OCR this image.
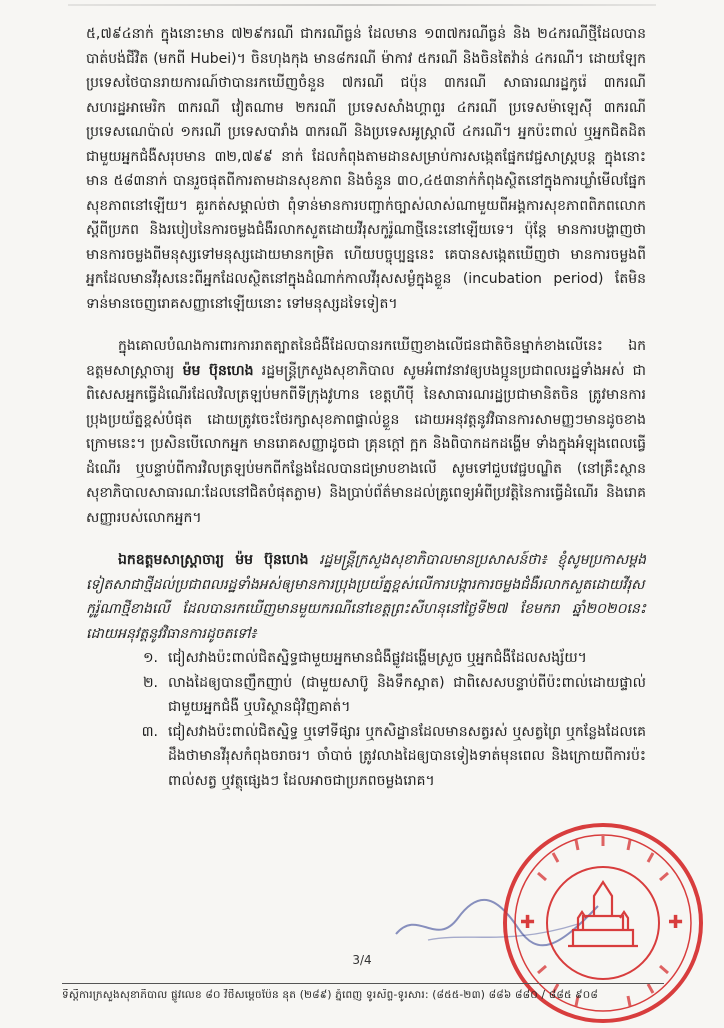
៥,៧៩៤នាក់ ក្នុងនោះមាន ៧២៩ករណី ជាករណីធ្ងន់ ដែលមាន ១៣៧ករណីធ្ងន់ និង ២៤ករណីថ្មីដែលបានបាត់បង់ជីវិត (មកពី Hubei)។ ចិនហុងកុង មាន៨ករណី ម៉ាកាវ ៥ករណី និងចិនតៃវ៉ាន់ ៤ករណី។ ដោយឡែកប្រទេសថៃបានរាយការណ៍ថាបានរកឃើញចំនួន ៧ករណី ជប៉ុន ៣ករណី សាធារណរដ្ឋកូរ៉េ ៣ករណី សហរដ្ឋអាមេរិក ៣ករណី វៀតណាម ២ករណី ប្រទេសសាំងហ្គាពួរ ៤ករណី ប្រទេសម៉ាឡេស៊ី ៣ករណី ប្រទេសណេប៉ាល់ ១ករណី ប្រទេសបារាំង ៣ករណី និងប្រទេសអូស្ត្រាលី ៤ករណី។ អ្នកប៉ះពាល់ ឬអ្នកជិតដិតជាមួយអ្នកជំងឺសរុបមាន ៣២,៧៩៩ នាក់ ដែលកំពុងតាមដានសម្រាប់ការសង្កេតផ្នែកវេជ្ជសាស្ត្របន្ត ក្នុងនោះមាន ៥៨៣នាក់ បានរួចផុតពីការតាមដានសុខភាព និងចំនួន ៣០,៤៥៣នាក់កំពុងស្ថិតនៅក្នុងការឃ្លាំមើលផ្នែកសុខភាពនៅឡើយ។ គួរកត់សម្គាល់ថា ពុំទាន់មានការបញ្ជាក់ច្បាស់លាស់ណាមួយពីអង្គការសុខភាពពិភពលោកស្តីពីប្រភព និងរបៀបនៃការចម្លងជំងឺរលាកសួតដោយវីរុសកូរ៉ូណាថ្មីនេះនៅឡើយទេ។ ប៉ុន្តែ មានការបង្ហាញថា មានការចម្លងពីមនុស្សទៅមនុស្សដោយមានកម្រិត ហើយបច្ចុប្បន្ននេះ គេបានសង្កេតឃើញថា មានការចម្លងពីអ្នកដែលមានវីរុសនេះពីអ្នកដែលស្ថិតនៅក្នុងដំណាក់កាលវីរុសសម្ងំក្នុងខ្លួន (incubation period) តែមិនទាន់មានចេញរោគសញ្ញានៅឡើយនោះ ទៅមនុស្សដទៃទៀត។

ក្នុងគោលបំណងការពារការរាតត្បាតនៃជំងឺដែលបានរកឃើញខាងលើជនជាតិចិនម្នាក់ខាងលើនេះ ឯកឧត្តមសាស្ត្រាចារ្យ ម៉ម ប៊ុនហេង រដ្ឋមន្ត្រីក្រសួងសុខាភិបាល សូមអំពាវនាវឲ្យបងប្អូនប្រជាពលរដ្ឋទាំងអស់ ជាពិសេសអ្នកធ្វើដំណើរដែលវិលត្រឡប់មកពីទីក្រុងវូហាន ខេត្តហឺប៉ី នៃសាធារណរដ្ឋប្រជាមានិតចិន ត្រូវមានការប្រុងប្រយ័ត្នខ្ពស់បំផុត ដោយត្រូវចេះថែរក្សាសុខភាពផ្ទាល់ខ្លួន ដោយអនុវត្តនូវវិធានការសាមញ្ញៗមានដូចខាងក្រោមនេះ។ ប្រសិនបើលោកអ្នក មានរោគសញ្ញាដូចជា គ្រុនក្តៅ ក្អក និងពិបាកដកដង្ហើម ទាំងក្នុងអំឡុងពេលធ្វើដំណើរ ឬបន្ទាប់ពីការវិលត្រឡប់មកពីកន្លែងដែលបានជម្រាបខាងលើ សូមទៅជួបវេជ្ជបណ្ឌិត (នៅគ្រឹះស្ថានសុខាភិបាលសាធារណៈដែលនៅជិតបំផុតភ្លាម) និងប្រាប់ព័ត៌មានដល់គ្រូពេទ្យអំពីប្រវត្តិនៃការធ្វើដំណើរ និងរោគសញ្ញារបស់លោកអ្នក។

ឯកឧត្តមសាស្ត្រាចារ្យ ម៉ម ប៊ុនហេង រដ្ឋមន្ត្រីក្រសួងសុខាភិបាលមានប្រសាសន៍ថា៖ ខ្ញុំសូមប្រកាសម្តងទៀតសាជាថ្មីដល់ប្រជាពលរដ្ឋទាំងអស់ឲ្យមានការប្រុងប្រយ័ត្នខ្ពស់លើការបង្ការការចម្លងជំងឺរលាកសួតដោយវីរុសកូរ៉ូណាថ្មីខាងលើ ដែលបានរកឃើញមានមួយករណីនៅខេត្តព្រះសីហនុនៅថ្ងៃទី២៧ ខែមករា ឆ្នាំ២០២០នេះ ដោយអនុវត្តនូវវិធានការដូចតទៅ៖

១. ជៀសវាងប៉ះពាល់ជិតស្និទ្ធជាមួយអ្នកមានជំងឺផ្លូវដង្ហើមស្រួច ឬអ្នកជំងឺដែលសង្ស័យ។
២. លាងដៃឲ្យបានញឹកញាប់ (ជាមួយសាប៊ូ និងទឹកស្អាត) ជាពិសេសបន្ទាប់ពីប៉ះពាល់ដោយផ្ទាល់ជាមួយអ្នកជំងឺ ឬបរិស្ថានជុំវិញគាត់។
៣. ជៀសវាងប៉ះពាល់ជិតស្និទ្ធ ឬទៅទីផ្សារ ឬកសិដ្ឋានដែលមានសត្វរស់ ឬសត្វព្រៃ ឬកន្លែងដែលគេដឹងថាមានវីរុសកំពុងចរាចរ។ ចាំបាច់ ត្រូវលាងដៃឲ្យបានទៀងទាត់មុនពេល និងក្រោយពីការប៉ះពាល់សត្វ ឬវត្ថុផ្សេងៗ ដែលអាចជាប្រភពចម្លងរោគ។
✚	✚
3/4
ទីស្តីការក្រសួងសុខាភិបាល ផ្លូវលេខ ៨០ វិថីសម្តេចប៉ែន នុត (២៨៩) ភ្នំពេញ ទូរស័ព្ទ-ទូរសារ: (៨៥៥-២៣) ៨៨៦ ៨៨០ / ៨៨៥ ៩០៨
